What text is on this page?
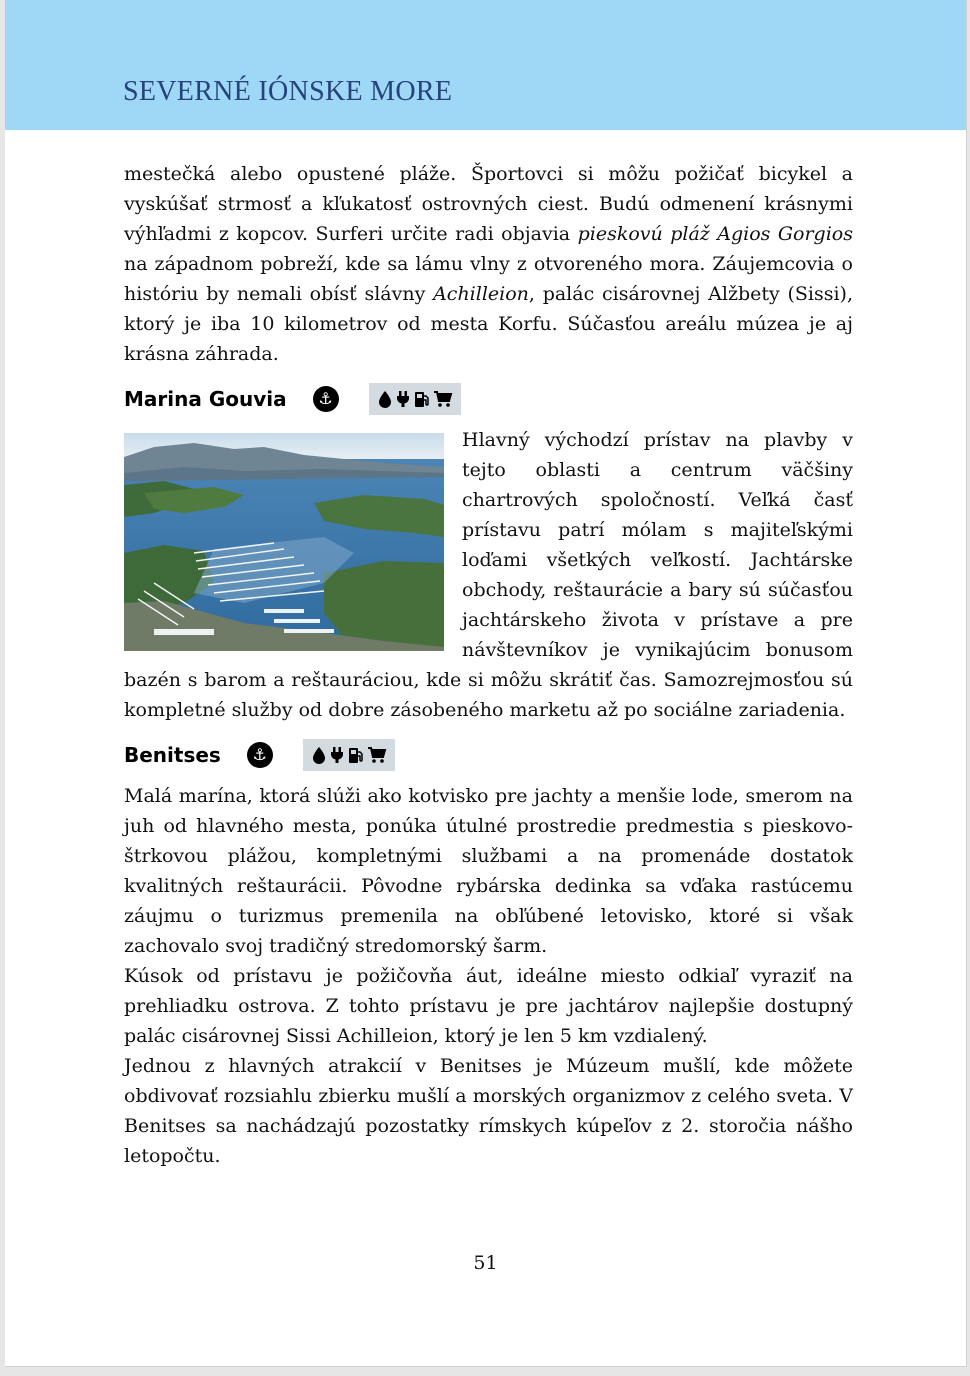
SEVERNÉ IÓNSKE MORE

mestečká alebo opustené pláže. Športovci si môžu požičať bicykel a vyskúšať strmosť a kľukatosť ostrovných ciest. Budú odmenení krásnymi výhľadmi z kopcov. Surferi určite radi objavia pieskovú pláž Agios Gorgios na západnom pobreží, kde sa lámu vlny z otvoreného mora. Záujemcovia o históriu by nemali obísť slávny Achilleion, palác cisárovnej Alžbety (Sissi), ktorý je iba 10 kilometrov od mesta Korfu. Súčasťou areálu múzea je aj krásna záhrada.

Marina Gouvia	⚓

Hlavný východzí prístav na plavby v tejto oblasti a centrum väčšiny chartrových spoločností. Veľká časť prístavu patrí mólam s majiteľskými loďami všetkých veľkostí. Jachtárske obchody, reštaurácie a bary sú súčasťou jachtárskeho života v prístave a pre návštevníkov je vynikajúcim bonusom bazén s barom a reštauráciou, kde si môžu skrátiť čas. Samozrejmosťou sú kompletné služby od dobre zásobeného marketu až po sociálne zariadenia.

Benitses	⚓

Malá marína, ktorá slúži ako kotvisko pre jachty a menšie lode, smerom na juh od hlavného mesta, ponúka útulné prostredie predmestia s pieskovo-štrkovou plážou, kompletnými službami a na promenáde dostatok kvalitných reštaurácii. Pôvodne rybárska dedinka sa vďaka rastúcemu záujmu o turizmus premenila na obľúbené letovisko, ktoré si však zachovalo svoj tradičný stredomorský šarm.

Kúsok od prístavu je požičovňa áut, ideálne miesto odkiaľ vyraziť na prehliadku ostrova. Z tohto prístavu je pre jachtárov najlepšie dostupný palác cisárovnej Sissi Achilleion, ktorý je len 5 km vzdialený.

Jednou z hlavných atrakcií v Benitses je Múzeum mušlí, kde môžete obdivovať rozsiahlu zbierku mušlí a morských organizmov z celého sveta. V Benitses sa nachádzajú pozostatky rímskych kúpeľov z 2. storočia nášho letopočtu.

51
